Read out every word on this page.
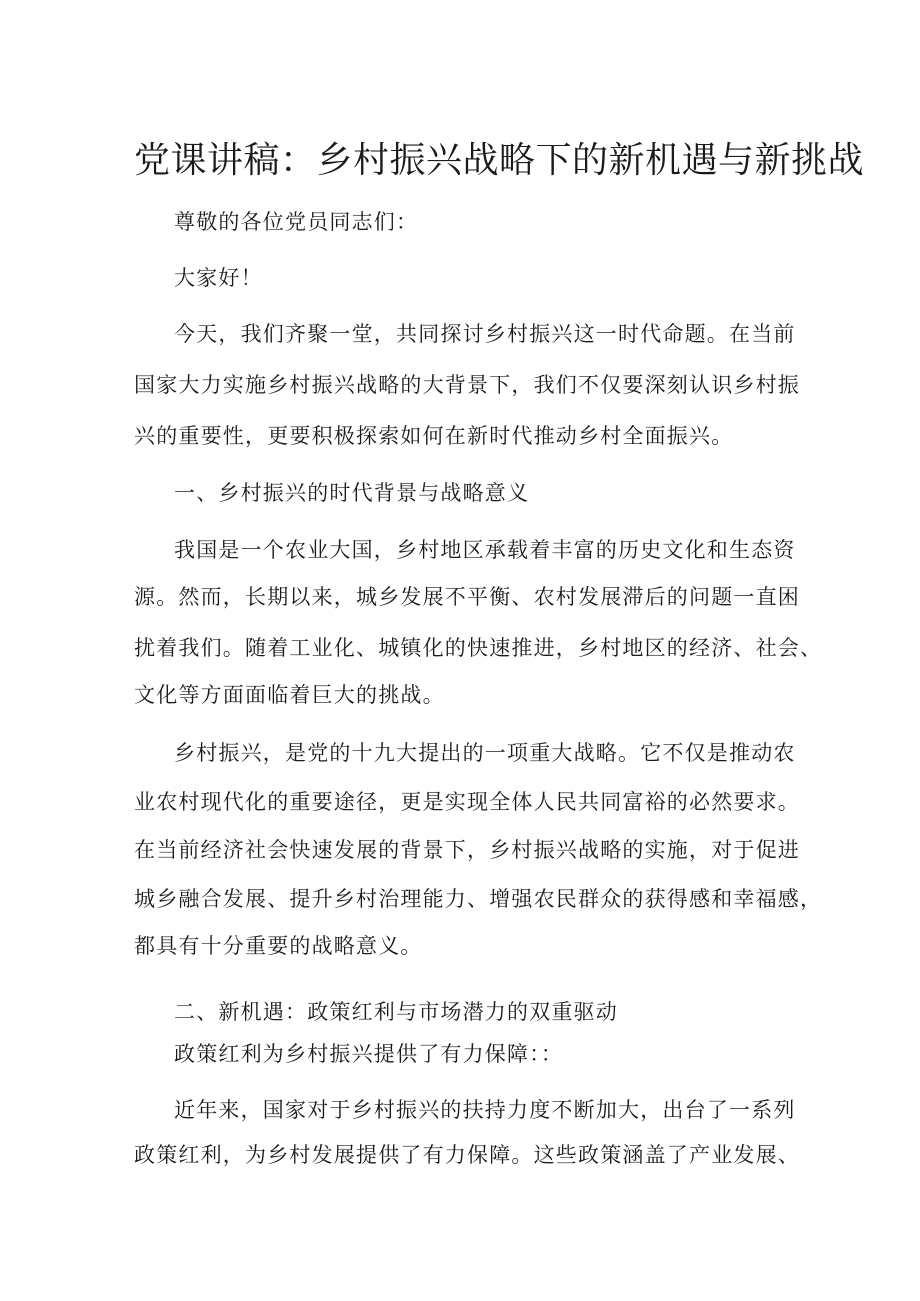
党课讲稿：乡村振兴战略下的新机遇与新挑战

尊敬的各位党员同志们：

大家好！

今天，我们齐聚一堂，共同探讨乡村振兴这一时代命题。在当前

国家大力实施乡村振兴战略的大背景下，我们不仅要深刻认识乡村振

兴的重要性，更要积极探索如何在新时代推动乡村全面振兴。

一、乡村振兴的时代背景与战略意义

我国是一个农业大国，乡村地区承载着丰富的历史文化和生态资

源。然而，长期以来，城乡发展不平衡、农村发展滞后的问题一直困

扰着我们。随着工业化、城镇化的快速推进，乡村地区的经济、社会、

文化等方面面临着巨大的挑战。

乡村振兴，是党的十九大提出的一项重大战略。它不仅是推动农

业农村现代化的重要途径，更是实现全体人民共同富裕的必然要求。

在当前经济社会快速发展的背景下，乡村振兴战略的实施，对于促进

城乡融合发展、提升乡村治理能力、增强农民群众的获得感和幸福感，

都具有十分重要的战略意义。

二、新机遇：政策红利与市场潜力的双重驱动

政策红利为乡村振兴提供了有力保障：：

近年来，国家对于乡村振兴的扶持力度不断加大，出台了一系列

政策红利，为乡村发展提供了有力保障。这些政策涵盖了产业发展、
